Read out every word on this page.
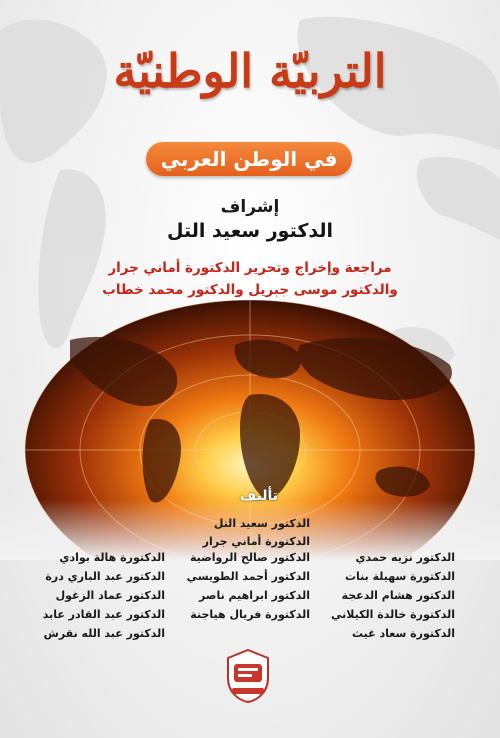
التربيّة الوطنيّة
في الوطن العربي
إشراف
الدكتور سعيد التل
مراجعة وإخراج وتحرير الدكتورة أماني جرار
والدكتور موسى جبريل والدكتور محمد خطاب
تأليف
الدكتور سعيد التل
الدكتورة أماني جرار
الدكتور نزيه حمدي
الدكتورة سهيلة بنات
الدكتور هشام الدعجة
الدكتورة خالدة الكيلاني
الدكتورة سعاد غيث
الدكتور صالح الرواضية
الدكتور أحمد الطويسي
الدكتور ابراهيم ناصر
الدكتورة فريال هياجنة
الدكتورة هالة بوادي
الدكتور عبد الباري درة
الدكتور عماد الزغول
الدكتور عبد القادر عابد
الدكتور عبد الله نقرش
